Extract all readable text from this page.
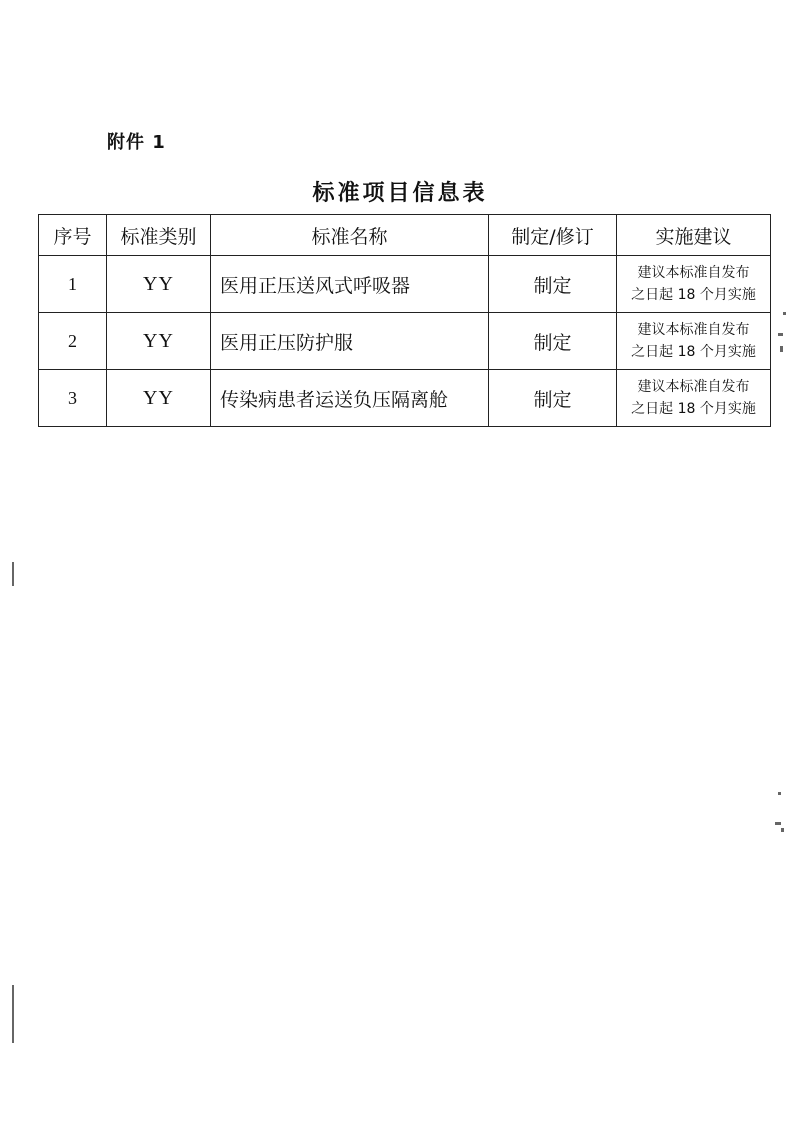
附件 1
标准项目信息表
序号	标准类别	标准名称	制定/修订	实施建议
1	YY	医用正压送风式呼吸器	制定	建议本标准自发布
之日起 18 个月实施

2	YY	医用正压防护服	制定	建议本标准自发布
之日起 18 个月实施

3	YY	传染病患者运送负压隔离舱	制定	建议本标准自发布
之日起 18 个月实施
